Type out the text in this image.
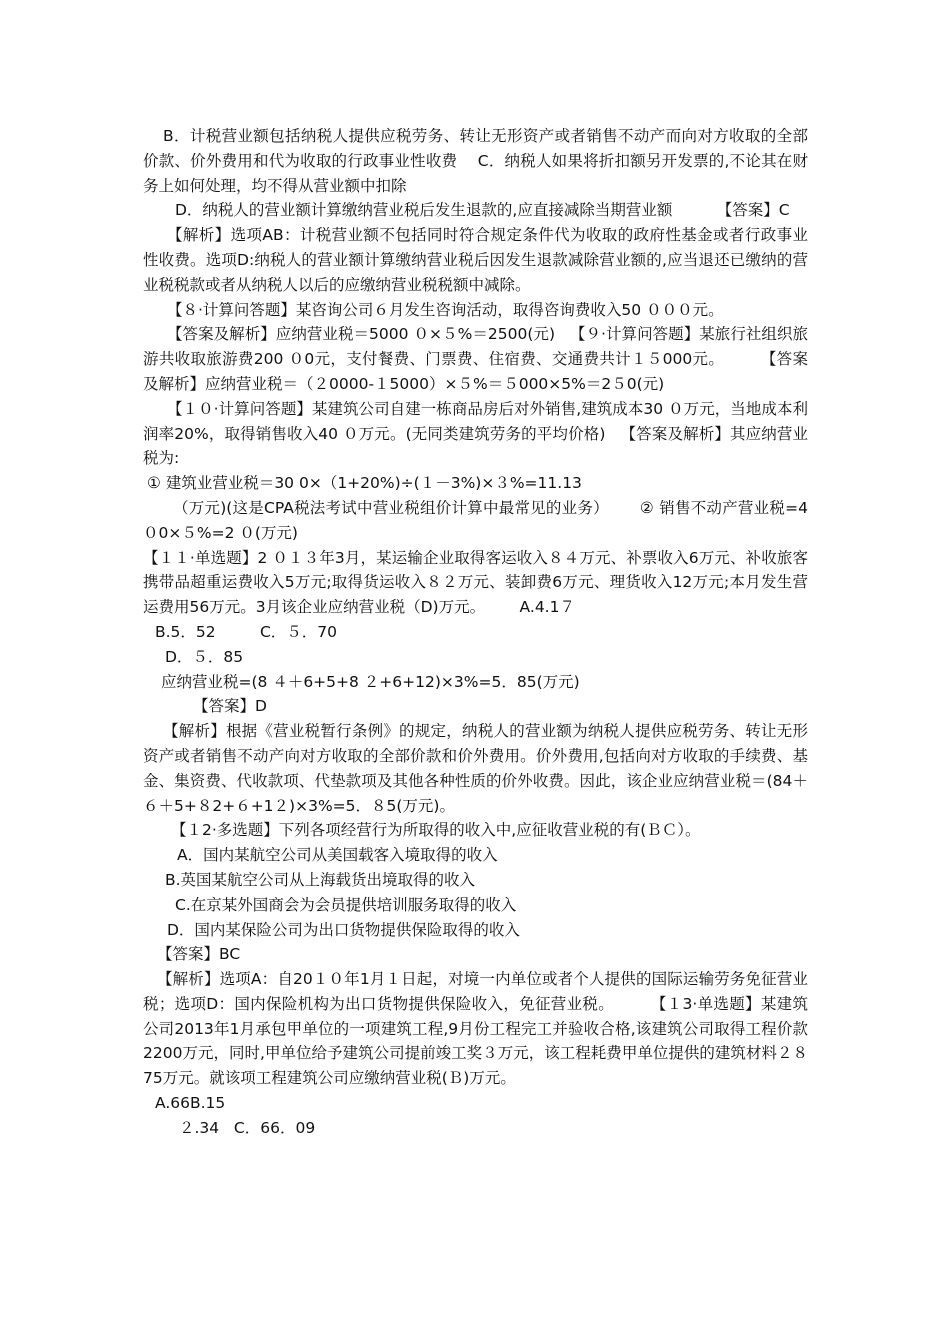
B．计税营业额包括纳税人提供应税劳务、转让无形资产或者销售不动产而向对方收取的全部价款、价外费用和代为收取的行政事业性收费    C．纳税人如果将折扣额另开发票的,不论其在财务上如何处理，均不得从营业额中扣除

D．纳税人的营业额计算缴纳营业税后发生退款的,应直接减除当期营业额         【答案】C

【解析】选项AB：计税营业额不包括同时符合规定条件代为收取的政府性基金或者行政事业性收费。选项D:纳税人的营业额计算缴纳营业税后因发生退款减除营业额的,应当退还已缴纳的营业税税款或者从纳税人以后的应缴纳营业税税额中减除。

【８·计算问答题】某咨询公司６月发生咨询活动，取得咨询费收入50 ０００元。

【答案及解析】应纳营业税＝5000 ０×５%＝2500(元)   【９·计算问答题】某旅行社组织旅游共收取旅游费200 ０0元，支付餐费、门票费、住宿费、交通费共计１５000元。       【答案及解析】应纳营业税＝（２0000-１5000）×５%＝５000×5%＝2５0(元)

【１０·计算问答题】某建筑公司自建一栋商品房后对外销售,建筑成本30 ０万元，当地成本利润率20%，取得销售收入40 ０万元。(无同类建筑劳务的平均价格)   【答案及解析】其应纳营业税为:

① 建筑业营业税＝30 0×（1+20%)÷(１－3%)×３%=11.13

（万元)(这是CPA税法考试中营业税组价计算中最常见的业务）      ② 销售不动产营业税=4 ０0×５%=2 ０(万元)

【１１·单选题】2 ０１３年3月，某运输企业取得客运收入８４万元、补票收入6万元、补收旅客携带品超重运费收入5万元;取得货运收入８２万元、装卸费6万元、理货收入12万元;本月发生营运费用56万元。3月该企业应纳营业税（D)万元。       A.4.1７

B.5．52         C．５．70

D．５．85

应纳营业税=(8 ４＋6+5+8 ２+6+12)×3%=5．85(万元)

【答案】D

【解析】根据《营业税暂行条例》的规定，纳税人的营业额为纳税人提供应税劳务、转让无形资产或者销售不动产向对方收取的全部价款和价外费用。价外费用,包括向对方收取的手续费、基金、集资费、代收款项、代垫款项及其他各种性质的价外收费。因此，该企业应纳营业税＝(84＋６＋5+８2+６+1２)×3%=5．８5(万元)。

【１2·多选题】下列各项经营行为所取得的收入中,应征收营业税的有(ＢＣ）。

A．国内某航空公司从美国载客入境取得的收入

B.英国某航空公司从上海载货出境取得的收入

C.在京某外国商会为会员提供培训服务取得的收入

D．国内某保险公司为出口货物提供保险取得的收入

【答案】BC

【解析】选项A：自20１０年1月１日起，对境一内单位或者个人提供的国际运输劳务免征营业税；选项D：国内保险机构为出口货物提供保险收入，免征营业税。       【１3·单选题】某建筑公司2013年1月承包甲单位的一项建筑工程,9月份工程完工并验收合格,该建筑公司取得工程价款2200万元，同时,甲单位给予建筑公司提前竣工奖３万元，该工程耗费甲单位提供的建筑材料２８75万元。就该项工程建筑公司应缴纳营业税(Ｂ)万元。

A.66B.15

２.34   C．66．09
